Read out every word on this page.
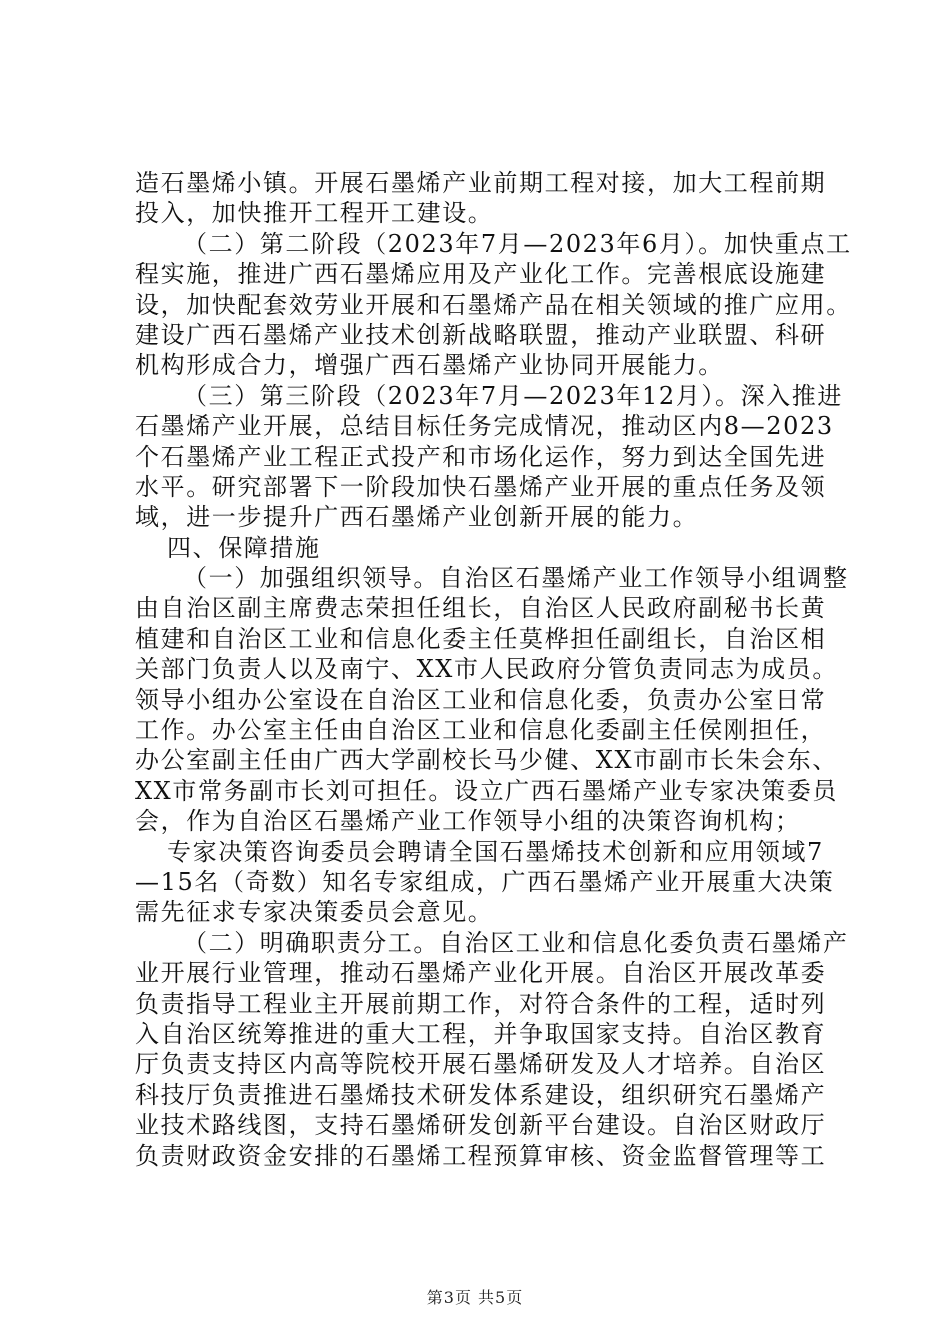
造石墨烯小镇。开展石墨烯产业前期工程对接，加大工程前期
投入，加快推开工程开工建设。
（二）第二阶段（2023年7月—2023年6月）。加快重点工
程实施，推进广西石墨烯应用及产业化工作。完善根底设施建
设，加快配套效劳业开展和石墨烯产品在相关领域的推广应用。
建设广西石墨烯产业技术创新战略联盟，推动产业联盟、科研
机构形成合力，增强广西石墨烯产业协同开展能力。
（三）第三阶段（2023年7月—2023年12月）。深入推进
石墨烯产业开展，总结目标任务完成情况，推动区内8—2023
个石墨烯产业工程正式投产和市场化运作，努力到达全国先进
水平。研究部署下一阶段加快石墨烯产业开展的重点任务及领
域，进一步提升广西石墨烯产业创新开展的能力。
四、保障措施
（一）加强组织领导。自治区石墨烯产业工作领导小组调整
由自治区副主席费志荣担任组长，自治区人民政府副秘书长黄
植建和自治区工业和信息化委主任莫桦担任副组长，自治区相
关部门负责人以及南宁、XX市人民政府分管负责同志为成员。
领导小组办公室设在自治区工业和信息化委，负责办公室日常
工作。办公室主任由自治区工业和信息化委副主任侯刚担任，
办公室副主任由广西大学副校长马少健、XX市副市长朱会东、
XX市常务副市长刘可担任。设立广西石墨烯产业专家决策委员
会，作为自治区石墨烯产业工作领导小组的决策咨询机构；
专家决策咨询委员会聘请全国石墨烯技术创新和应用领域7
—15名（奇数）知名专家组成，广西石墨烯产业开展重大决策
需先征求专家决策委员会意见。
（二）明确职责分工。自治区工业和信息化委负责石墨烯产
业开展行业管理，推动石墨烯产业化开展。自治区开展改革委
负责指导工程业主开展前期工作，对符合条件的工程，适时列
入自治区统筹推进的重大工程，并争取国家支持。自治区教育
厅负责支持区内高等院校开展石墨烯研发及人才培养。自治区
科技厅负责推进石墨烯技术研发体系建设，组织研究石墨烯产
业技术路线图，支持石墨烯研发创新平台建设。自治区财政厅
负责财政资金安排的石墨烯工程预算审核、资金监督管理等工
第3页 共5页
